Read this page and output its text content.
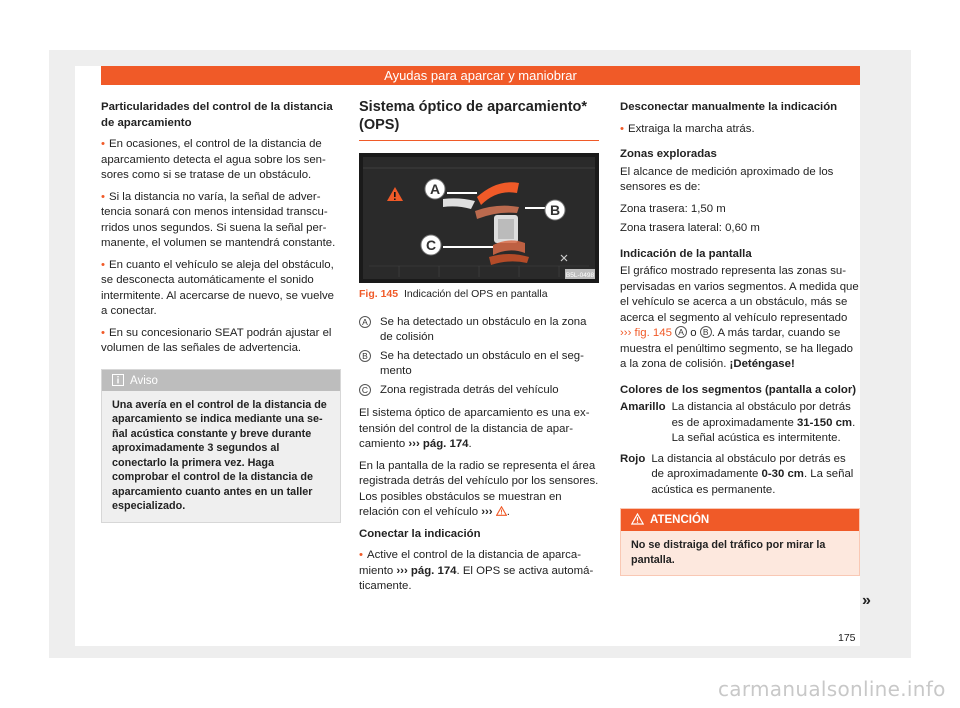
Ayudas para aparcar y maniobrar

Particularidades del control de la distancia de aparcamiento

• En ocasiones, el control de la distancia de aparcamiento detecta el agua sobre los sensores como si se tratase de un obstáculo.

• Si la distancia no varía, la señal de advertencia sonará con menos intensidad transcurridos unos segundos. Si suena la señal permanente, el volumen se mantendrá constante.

• En cuanto el vehículo se aleja del obstáculo, se desconecta automáticamente el sonido intermitente. Al acercarse de nuevo, se vuelve a conectar.

• En su concesionario SEAT podrán ajustar el volumen de las señales de advertencia.

Aviso
Una avería en el control de la distancia de aparcamiento se indica mediante una señal acústica constante y breve durante aproximadamente 3 segundos al conectarlo la primera vez. Haga comprobar el control de la distancia de aparcamiento cuanto antes en un taller especializado.
Sistema óptico de aparcamiento* (OPS)
A
B
C
B5L-0498
Fig. 145 Indicación del OPS en pantalla
A	Se ha detectado un obstáculo en la zona de colisión
B	Se ha detectado un obstáculo en el segmento
C	Zona registrada detrás del vehículo

El sistema óptico de aparcamiento es una extensión del control de la distancia de aparcamiento ››› pág. 174.

En la pantalla de la radio se representa el área registrada detrás del vehículo por los sensores. Los posibles obstáculos se muestran en relación con el vehículo ››› .

Conectar la indicación

• Active el control de la distancia de aparcamiento ››› pág. 174. El OPS se activa automáticamente.

Desconectar manualmente la indicación

• Extraiga la marcha atrás.

Zonas exploradas

El alcance de medición aproximado de los sensores es de:

Zona trasera: 1,50 m

Zona trasera lateral: 0,60 m

Indicación de la pantalla

El gráfico mostrado representa las zonas supervisadas en varios segmentos. A medida que el vehículo se acerca a un obstáculo, más se acerca el segmento al vehículo representado ››› fig. 145 A o B . A más tardar, cuando se muestra el penúltimo segmento, se ha llegado a la zona de colisión. ¡Deténgase!

Colores de los segmentos (pantalla a color)

Amarillo La distancia al obstáculo por detrás es de aproximadamente 31-150 cm. La señal acústica es intermitente.
Rojo La distancia al obstáculo por detrás es de aproximadamente 0-30 cm. La señal acústica es permanente.
ATENCIÓN
No se distraiga del tráfico por mirar la pantalla.
»
175
carmanualsonline.info
